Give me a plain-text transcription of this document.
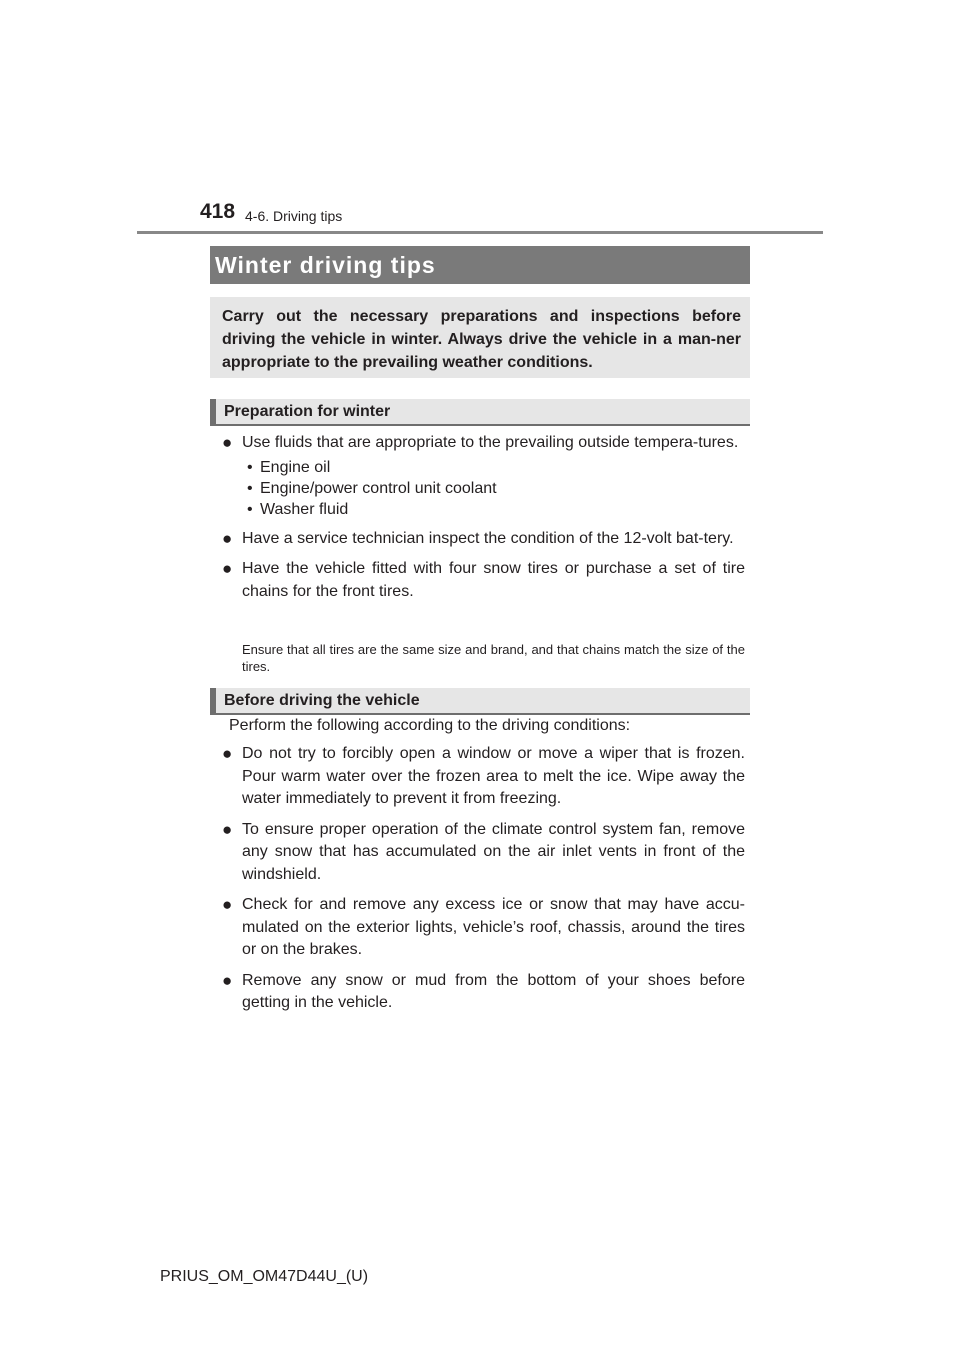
418 4-6. Driving tips
Winter driving tips
Carry out the necessary preparations and inspections before driving the vehicle in winter. Always drive the vehicle in a man-ner appropriate to the prevailing weather conditions.
Preparation for winter
● Use fluids that are appropriate to the prevailing outside tempera-tures.
• Engine oil
• Engine/power control unit coolant
• Washer fluid
● Have a service technician inspect the condition of the 12-volt bat-tery.
● Have the vehicle fitted with four snow tires or purchase a set of tire chains for the front tires.
Ensure that all tires are the same size and brand, and that chains match the size of the tires.
Before driving the vehicle
Perform the following according to the driving conditions:
● Do not try to forcibly open a window or move a wiper that is frozen. Pour warm water over the frozen area to melt the ice. Wipe away the water immediately to prevent it from freezing.
● To ensure proper operation of the climate control system fan, remove any snow that has accumulated on the air inlet vents in front of the windshield.
● Check for and remove any excess ice or snow that may have accu-mulated on the exterior lights, vehicle’s roof, chassis, around the tires or on the brakes.
● Remove any snow or mud from the bottom of your shoes before getting in the vehicle.
PRIUS_OM_OM47D44U_(U)
